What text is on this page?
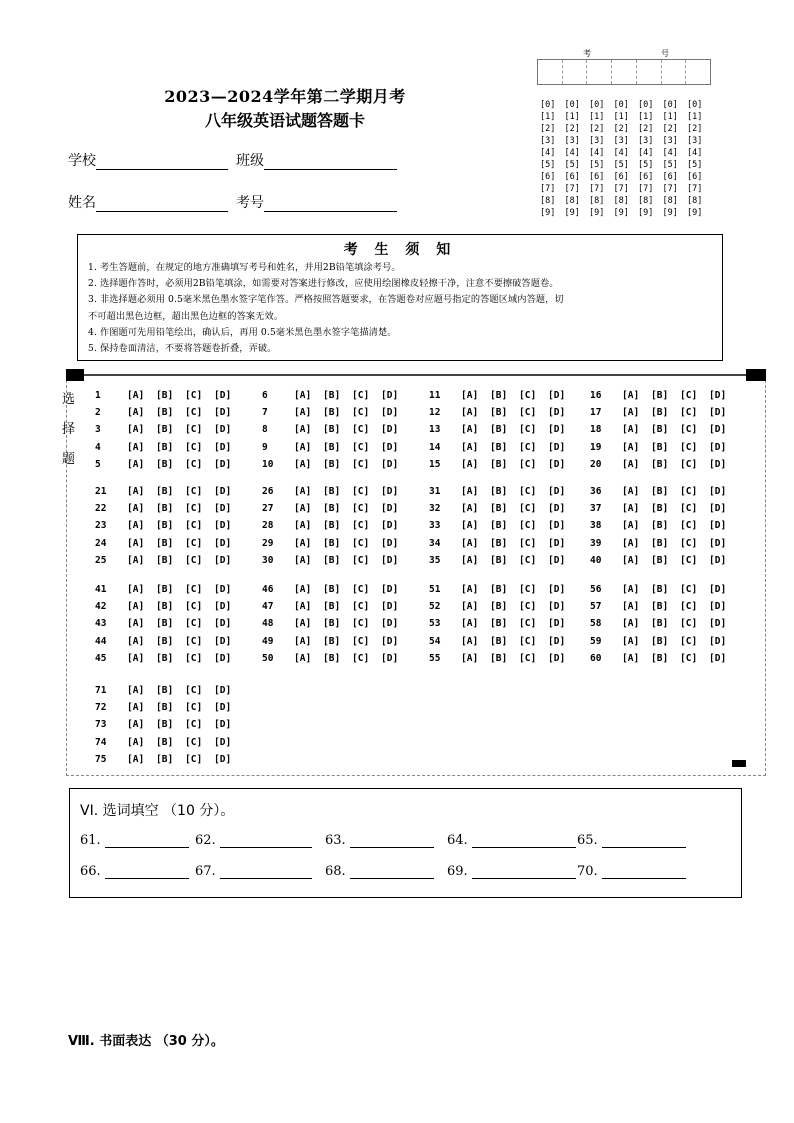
2023—2024学年第二学期月考
八年级英语试题答题卡
学校	班级
姓名	考号
考	号
[0]	[0]	[0]	[0]	[0]	[0]	[0]
[1]	[1]	[1]	[1]	[1]	[1]	[1]
[2]	[2]	[2]	[2]	[2]	[2]	[2]
[3]	[3]	[3]	[3]	[3]	[3]	[3]
[4]	[4]	[4]	[4]	[4]	[4]	[4]
[5]	[5]	[5]	[5]	[5]	[5]	[5]
[6]	[6]	[6]	[6]	[6]	[6]	[6]
[7]	[7]	[7]	[7]	[7]	[7]	[7]
[8]	[8]	[8]	[8]	[8]	[8]	[8]
[9]	[9]	[9]	[9]	[9]	[9]	[9]
考 生 须 知
1. 考生答题前，在规定的地方准确填写考号和姓名，并用2B铅笔填涂考号。
2. 选择题作答时，必须用2B铅笔填涂，如需要对答案进行修改，应使用绘图橡皮轻擦干净，注意不要擦破答题卷。
3. 非选择题必须用 0.5毫米黑色墨水签字笔作答。严格按照答题要求，在答题卷对应题号指定的答题区域内答题，切
不可超出黑色边框，超出黑色边框的答案无效。
4. 作图题可先用铅笔绘出，确认后，再用 0.5毫米黑色墨水签字笔描清楚。
5. 保持卷面清洁，不要将答题卷折叠，弄破。
选
择
题
1	[A]	[B]	[C]	[D]
2	[A]	[B]	[C]	[D]
3	[A]	[B]	[C]	[D]
4	[A]	[B]	[C]	[D]
5	[A]	[B]	[C]	[D]
6	[A]	[B]	[C]	[D]
7	[A]	[B]	[C]	[D]
8	[A]	[B]	[C]	[D]
9	[A]	[B]	[C]	[D]
10	[A]	[B]	[C]	[D]
11	[A]	[B]	[C]	[D]
12	[A]	[B]	[C]	[D]
13	[A]	[B]	[C]	[D]
14	[A]	[B]	[C]	[D]
15	[A]	[B]	[C]	[D]
16	[A]	[B]	[C]	[D]
17	[A]	[B]	[C]	[D]
18	[A]	[B]	[C]	[D]
19	[A]	[B]	[C]	[D]
20	[A]	[B]	[C]	[D]
21	[A]	[B]	[C]	[D]
22	[A]	[B]	[C]	[D]
23	[A]	[B]	[C]	[D]
24	[A]	[B]	[C]	[D]
25	[A]	[B]	[C]	[D]
26	[A]	[B]	[C]	[D]
27	[A]	[B]	[C]	[D]
28	[A]	[B]	[C]	[D]
29	[A]	[B]	[C]	[D]
30	[A]	[B]	[C]	[D]
31	[A]	[B]	[C]	[D]
32	[A]	[B]	[C]	[D]
33	[A]	[B]	[C]	[D]
34	[A]	[B]	[C]	[D]
35	[A]	[B]	[C]	[D]
36	[A]	[B]	[C]	[D]
37	[A]	[B]	[C]	[D]
38	[A]	[B]	[C]	[D]
39	[A]	[B]	[C]	[D]
40	[A]	[B]	[C]	[D]
41	[A]	[B]	[C]	[D]
42	[A]	[B]	[C]	[D]
43	[A]	[B]	[C]	[D]
44	[A]	[B]	[C]	[D]
45	[A]	[B]	[C]	[D]
46	[A]	[B]	[C]	[D]
47	[A]	[B]	[C]	[D]
48	[A]	[B]	[C]	[D]
49	[A]	[B]	[C]	[D]
50	[A]	[B]	[C]	[D]
51	[A]	[B]	[C]	[D]
52	[A]	[B]	[C]	[D]
53	[A]	[B]	[C]	[D]
54	[A]	[B]	[C]	[D]
55	[A]	[B]	[C]	[D]
56	[A]	[B]	[C]	[D]
57	[A]	[B]	[C]	[D]
58	[A]	[B]	[C]	[D]
59	[A]	[B]	[C]	[D]
60	[A]	[B]	[C]	[D]
71	[A]	[B]	[C]	[D]
72	[A]	[B]	[C]	[D]
73	[A]	[B]	[C]	[D]
74	[A]	[B]	[C]	[D]
75	[A]	[B]	[C]	[D]
VI. 选词填空 （10 分）。
61.	62.	63.	64.	65.
66.	67.	68.	69.	70.
Ⅷ. 书面表达 （30 分）。
